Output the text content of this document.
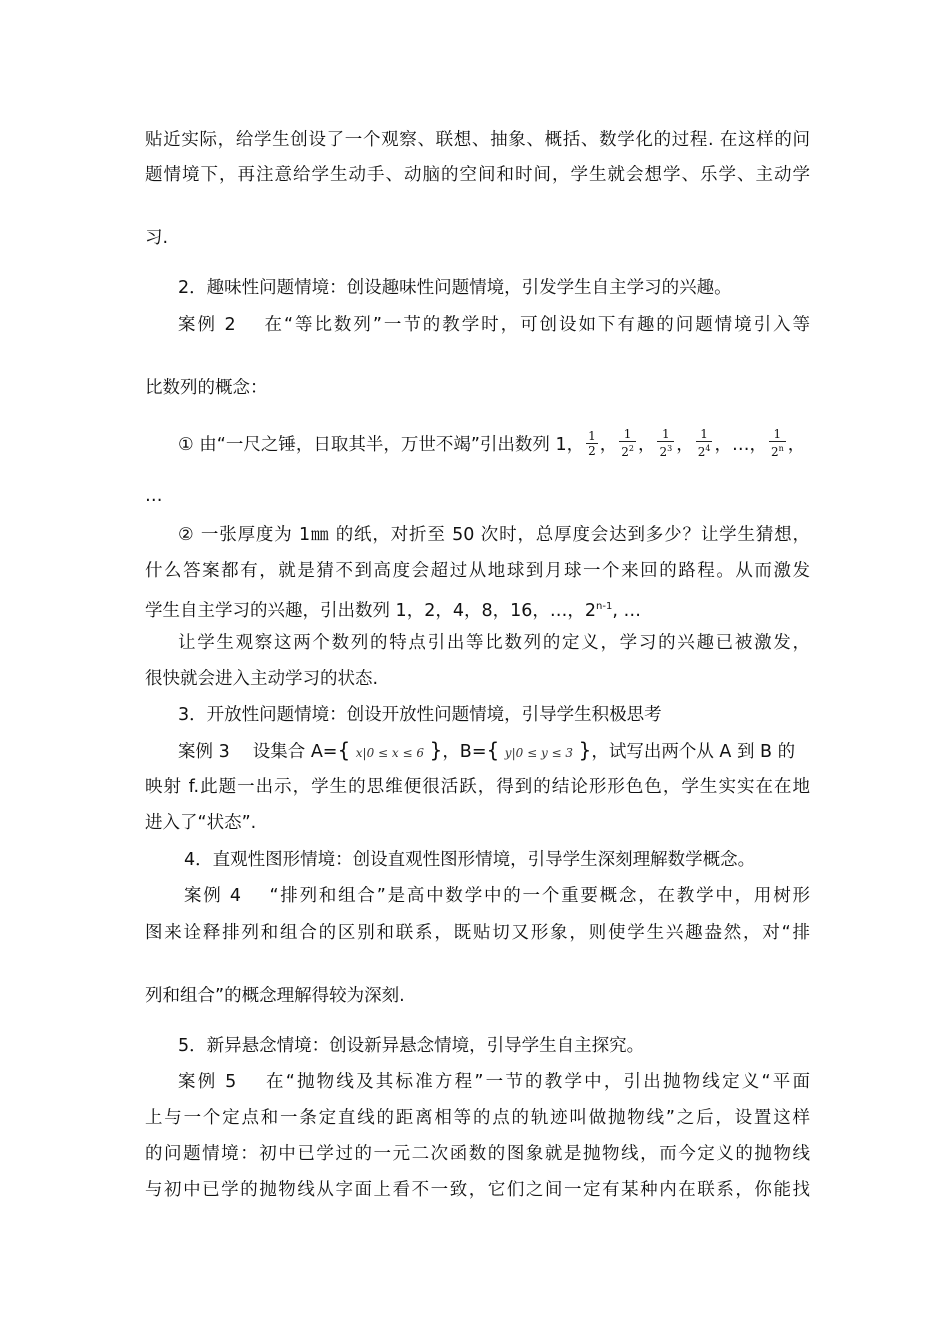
贴近实际，给学生创设了一个观察、联想、抽象、概括、数学化的过程. 在这样的问
题情境下，再注意给学生动手、动脑的空间和时间，学生就会想学、乐学、主动学
习.
2．趣味性问题情境：创设趣味性问题情境，引发学生自主学习的兴趣。
案例 2　 在“等比数列”一节的教学时，可创设如下有趣的问题情境引入等
比数列的概念：
① 由“一尺之锤，日取其半，万世不竭”引出数列 1， $\frac{1}{2}$ ， $\frac{1}{2^2}$ ， $\frac{1}{2^3}$ ， $\frac{1}{2^4}$ ，…， $\frac{1}{2^n}$ ，
…
② 一张厚度为 1㎜ 的纸，对折至 50 次时，总厚度会达到多少？让学生猜想，
什么答案都有，就是猜不到高度会超过从地球到月球一个来回的路程。从而激发
学生自主学习的兴趣，引出数列 1，2，4，8，16，…，2$^{n-1}$, …
让学生观察这两个数列的特点引出等比数列的定义，学习的兴趣已被激发，
很快就会进入主动学习的状态.
3．开放性问题情境：创设开放性问题情境，引导学生积极思考
案例 3　 设集合 A={ x|0 ≤ x ≤ 6 }，B={ y|0 ≤ y ≤ 3 }，试写出两个从 A 到 B 的
映射 f.此题一出示，学生的思维便很活跃，得到的结论形形色色，学生实实在在地
进入了“状态”.
4．直观性图形情境：创设直观性图形情境，引导学生深刻理解数学概念。
案例 4　 “排列和组合”是高中数学中的一个重要概念，在教学中，用树形
图来诠释排列和组合的区别和联系，既贴切又形象，则使学生兴趣盎然，对“排
列和组合”的概念理解得较为深刻.
5．新异悬念情境：创设新异悬念情境，引导学生自主探究。
案例 5　 在“抛物线及其标准方程”一节的教学中，引出抛物线定义“平面
上与一个定点和一条定直线的距离相等的点的轨迹叫做抛物线”之后，设置这样
的问题情境：初中已学过的一元二次函数的图象就是抛物线，而今定义的抛物线
与初中已学的抛物线从字面上看不一致，它们之间一定有某种内在联系，你能找
